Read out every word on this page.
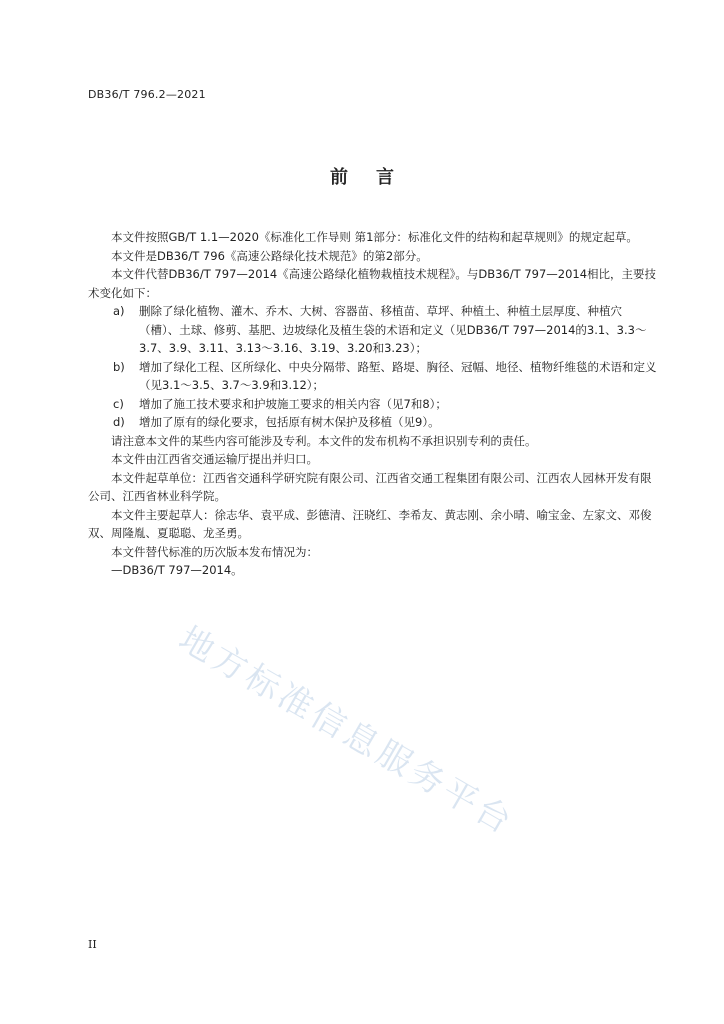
DB36/T 796.2—2021
前 言

本文件按照GB/T 1.1—2020《标准化工作导则 第1部分：标准化文件的结构和起草规则》的规定起草。

本文件是DB36/T 796《高速公路绿化技术规范》的第2部分。

本文件代替DB36/T 797—2014《高速公路绿化植物栽植技术规程》。与DB36/T 797—2014相比，主要技术变化如下：

a)	删除了绿化植物、灌木、乔木、大树、容器苗、移植苗、草坪、种植土、种植土层厚度、种植穴（槽）、土球、修剪、基肥、边坡绿化及植生袋的术语和定义（见DB36/T 797—2014的3.1、3.3～3.7、3.9、3.11、3.13～3.16、3.19、3.20和3.23）；
b)	增加了绿化工程、区所绿化、中央分隔带、路堑、路堤、胸径、冠幅、地径、植物纤维毯的术语和定义（见3.1～3.5、3.7～3.9和3.12）；
c)	增加了施工技术要求和护坡施工要求的相关内容（见7和8）；
d)	增加了原有的绿化要求，包括原有树木保护及移植（见9）。

请注意本文件的某些内容可能涉及专利。本文件的发布机构不承担识别专利的责任。

本文件由江西省交通运输厅提出并归口。

本文件起草单位：江西省交通科学研究院有限公司、江西省交通工程集团有限公司、江西农人园林开发有限公司、江西省林业科学院。

本文件主要起草人：徐志华、袁平成、彭德清、汪晓红、李希友、黄志刚、余小晴、喻宝金、左家文、邓俊双、周隆胤、夏聪聪、龙圣勇。

本文件替代标准的历次版本发布情况为：

—DB36/T 797—2014。

地方标准信息服务平台
II
